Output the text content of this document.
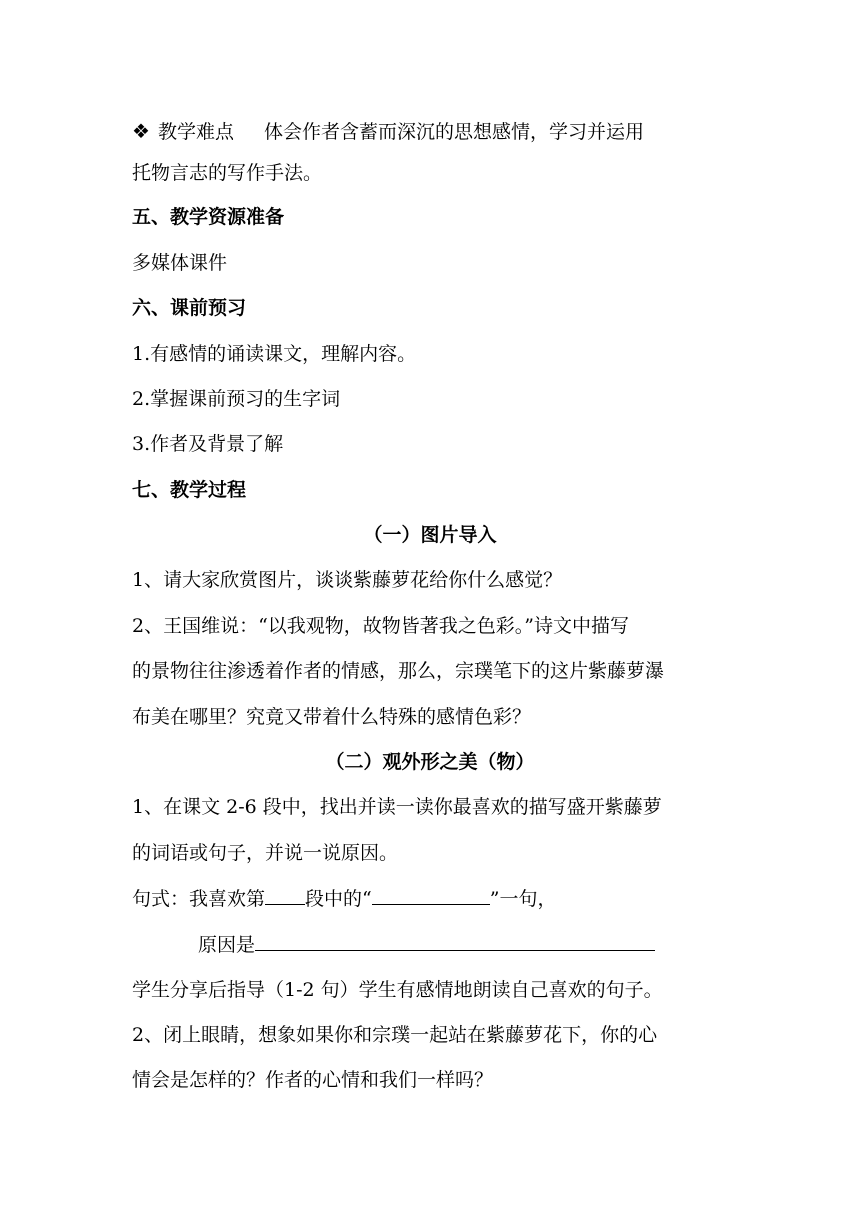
❖ 教学难点 体会作者含蓄而深沉的思想感情，学习并运用
托物言志的写作手法。
五、教学资源准备
多媒体课件
六、课前预习
1.有感情的诵读课文，理解内容。
2.掌握课前预习的生字词
3.作者及背景了解
七、教学过程
（一）图片导入
1、请大家欣赏图片，谈谈紫藤萝花给你什么感觉？
2、王国维说：“以我观物，故物皆著我之色彩。”诗文中描写
的景物往往渗透着作者的情感，那么，宗璞笔下的这片紫藤萝瀑
布美在哪里？究竟又带着什么特殊的感情色彩？
（二）观外形之美（物）
1、在课文 2-6 段中，找出并读一读你最喜欢的描写盛开紫藤萝
的词语或句子，并说一说原因。
句式：我喜欢第 段中的“	”一句，
原因是
学生分享后指导（1-2 句）学生有感情地朗读自己喜欢的句子。
2、闭上眼睛，想象如果你和宗璞一起站在紫藤萝花下，你的心
情会是怎样的？作者的心情和我们一样吗？
